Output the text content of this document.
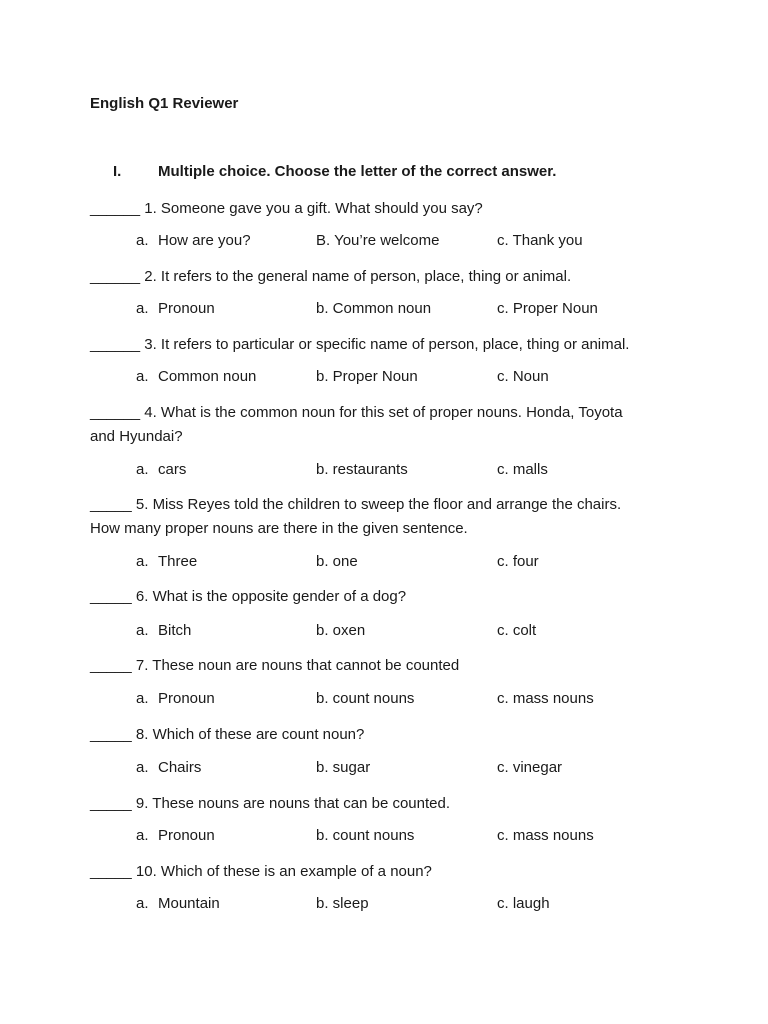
English Q1 Reviewer
I. Multiple choice. Choose the letter of the correct answer.
______ 1. Someone gave you a gift. What should you say?
a. How are you?	B. You’re welcome	c. Thank you
______ 2. It refers to the general name of person, place, thing or animal.
a. Pronoun	b. Common noun	c. Proper Noun
______ 3. It refers to particular or specific name of person, place, thing or animal.
a. Common noun	b. Proper Noun	c. Noun
______ 4. What is the common noun for this set of proper nouns. Honda, Toyota
and Hyundai?
a. cars	b. restaurants	c. malls
_____ 5. Miss Reyes told the children to sweep the floor and arrange the chairs.
How many proper nouns are there in the given sentence.
a. Three	b. one	c. four
_____ 6. What is the opposite gender of a dog?
a. Bitch	b. oxen	c. colt
_____ 7. These noun are nouns that cannot be counted
a. Pronoun	b. count nouns	c. mass nouns
_____ 8. Which of these are count noun?
a. Chairs	b. sugar	c. vinegar
_____ 9. These nouns are nouns that can be counted.
a. Pronoun	b. count nouns	c. mass nouns
_____ 10. Which of these is an example of a noun?
a. Mountain	b. sleep	c. laugh
